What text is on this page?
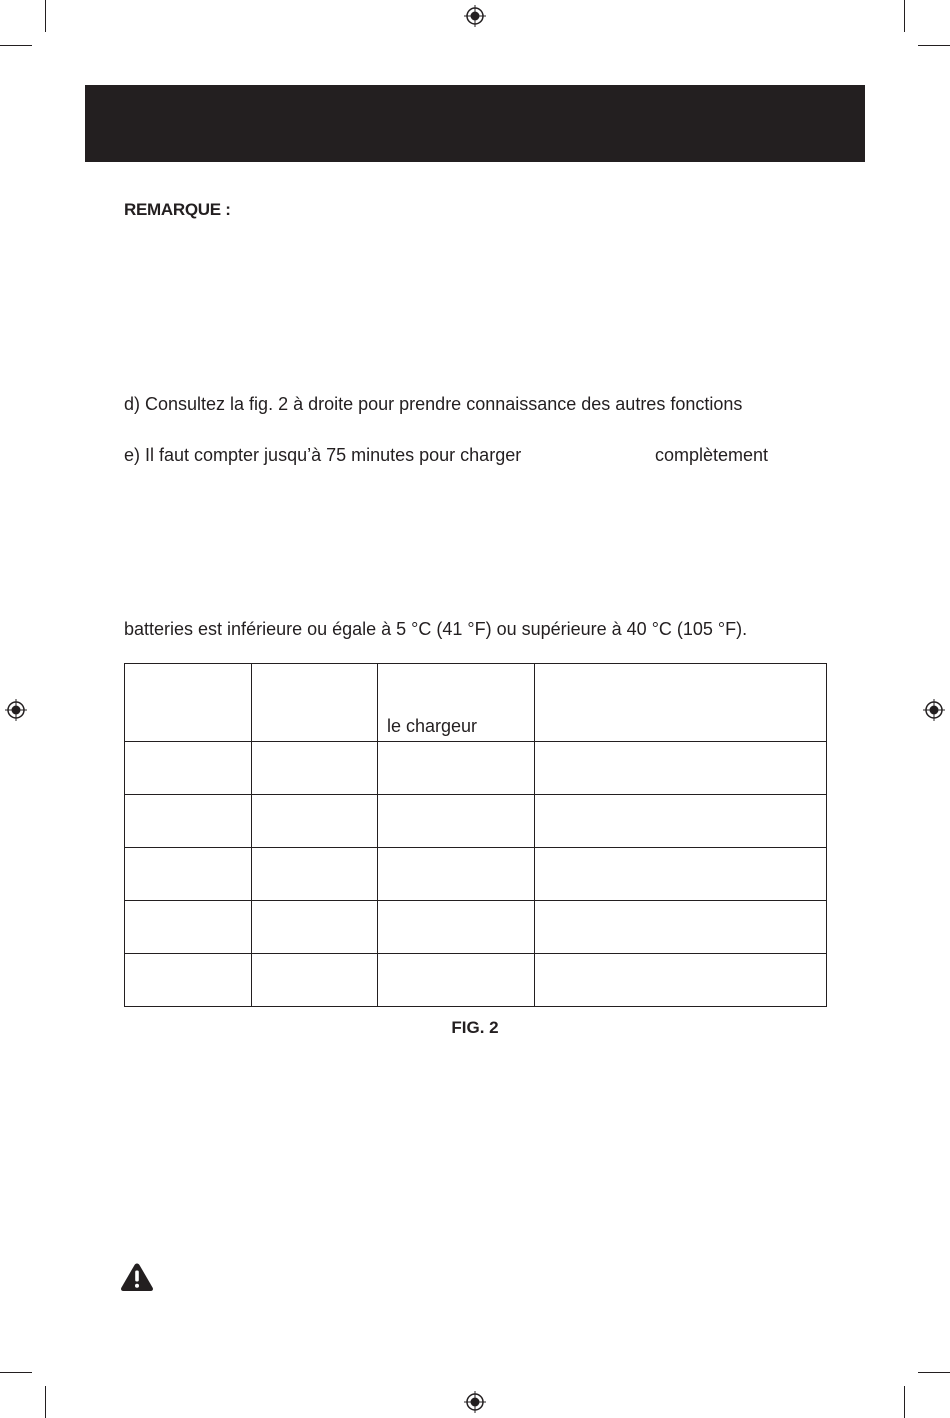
REMARQUE :
d) Consultez la fig. 2 à droite pour prendre connaissance des autres fonctions
e) Il faut compter jusqu’à 75 minutes pour charger	complètement
batteries est inférieure ou égale à 5 °C (41 °F) ou supérieure à 40 °C (105 °F).
		le chargeur	

FIG. 2
